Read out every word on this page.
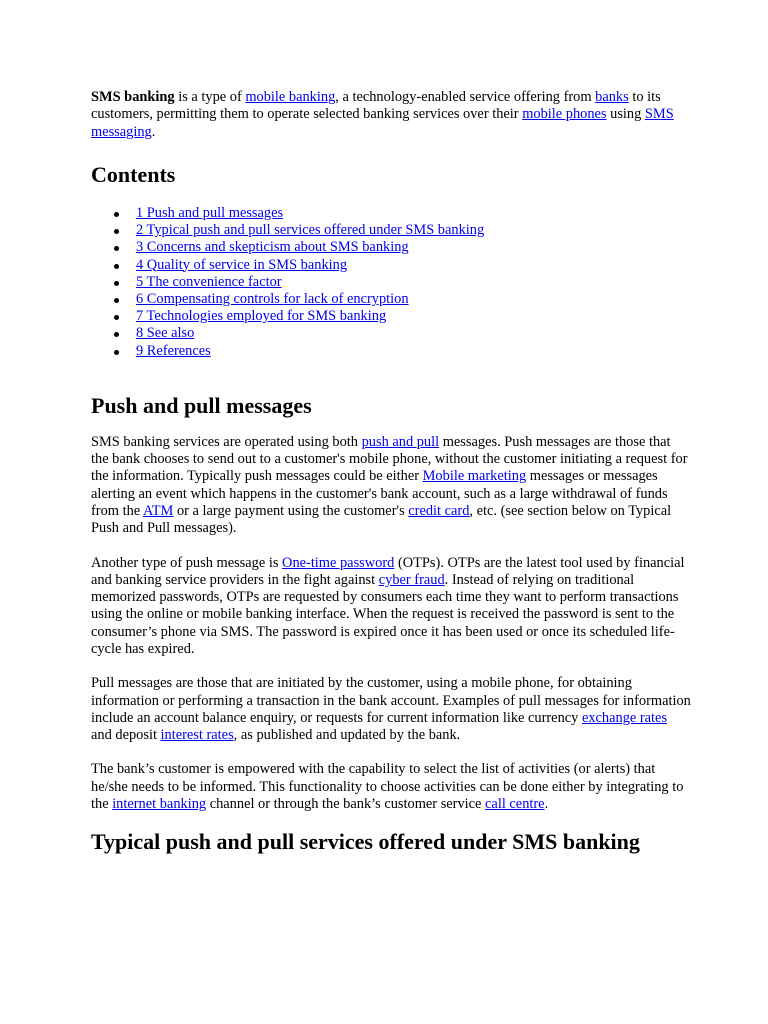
SMS banking is a type of mobile banking, a technology-enabled service offering from banks to its customers, permitting them to operate selected banking services over their mobile phones using SMS messaging.

Contents
1 Push and pull messages
2 Typical push and pull services offered under SMS banking
3 Concerns and skepticism about SMS banking
4 Quality of service in SMS banking
5 The convenience factor
6 Compensating controls for lack of encryption
7 Technologies employed for SMS banking
8 See also
9 References
Push and pull messages

SMS banking services are operated using both push and pull messages. Push messages are those that the bank chooses to send out to a customer's mobile phone, without the customer initiating a request for the information. Typically push messages could be either Mobile marketing messages or messages alerting an event which happens in the customer's bank account, such as a large withdrawal of funds from the ATM or a large payment using the customer's credit card, etc. (see section below on Typical Push and Pull messages).

Another type of push message is One-time password (OTPs). OTPs are the latest tool used by financial and banking service providers in the fight against cyber fraud. Instead of relying on traditional memorized passwords, OTPs are requested by consumers each time they want to perform transactions using the online or mobile banking interface. When the request is received the password is sent to the consumer’s phone via SMS. The password is expired once it has been used or once its scheduled life-cycle has expired.

Pull messages are those that are initiated by the customer, using a mobile phone, for obtaining information or performing a transaction in the bank account. Examples of pull messages for information include an account balance enquiry, or requests for current information like currency exchange rates and deposit interest rates, as published and updated by the bank.

The bank’s customer is empowered with the capability to select the list of activities (or alerts) that he/she needs to be informed. This functionality to choose activities can be done either by integrating to the internet banking channel or through the bank’s customer service call centre.

Typical push and pull services offered under SMS banking
